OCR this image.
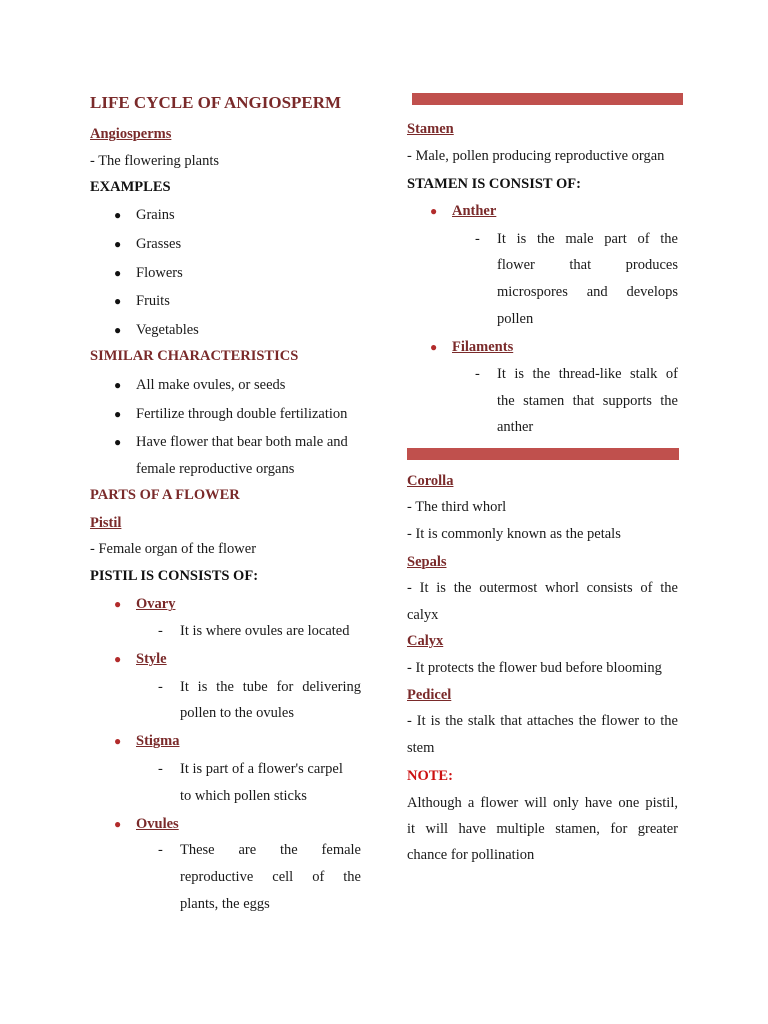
LIFE CYCLE OF ANGIOSPERM
Angiosperms
- The flowering plants
EXAMPLES
● Grains
● Grasses
● Flowers
● Fruits
● Vegetables
SIMILAR CHARACTERISTICS
● All make ovules, or seeds
● Fertilize through double fertilization
● Have flower that bear both male and
female reproductive organs
PARTS OF A FLOWER
Pistil
- Female organ of the flower
PISTIL IS CONSISTS OF:
● Ovary
- It is where ovules are located
● Style
- It is the tube for delivering
pollen to the ovules
● Stigma
- It is part of a flower's carpel
to which pollen sticks
● Ovules
- These are the female
reproductive cell of the
plants, the eggs
Stamen
- Male, pollen producing reproductive organ
STAMEN IS CONSIST OF:
● Anther
- It is the male part of the
flower that produces
microspores and develops
pollen
● Filaments
- It is the thread-like stalk of
the stamen that supports the
anther
Corolla
- The third whorl
- It is commonly known as the petals
Sepals
- It is the outermost whorl consists of the
calyx
Calyx
- It protects the flower bud before blooming
Pedicel
- It is the stalk that attaches the flower to the
stem
NOTE:
Although a flower will only have one pistil,
it will have multiple stamen, for greater
chance for pollination
